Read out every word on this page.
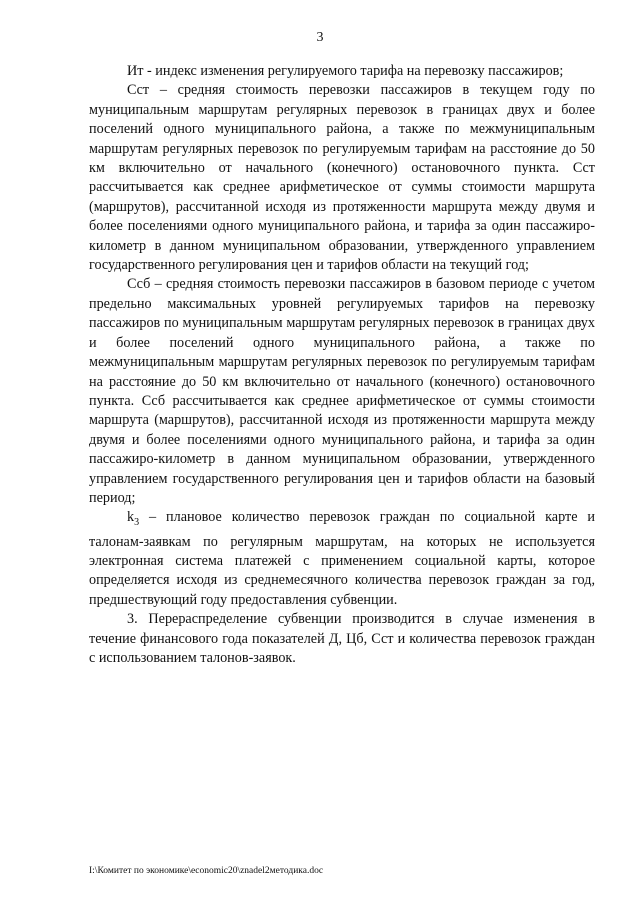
3

Ит - индекс изменения регулируемого тарифа на перевозку пассажиров;

Сст – средняя стоимость перевозки пассажиров в текущем году по муниципальным маршрутам регулярных перевозок в границах двух и более поселений одного муниципального района, а также по межмуниципальным маршрутам регулярных перевозок по регулируемым тарифам на расстояние до 50 км включительно от начального (конечного) остановочного пункта. Сст рассчитывается как среднее арифметическое от суммы стоимости маршрута (маршрутов), рассчитанной исходя из протяженности маршрута между двумя и более поселениями одного муниципального района, и тарифа за один пассажиро-километр в данном муниципальном образовании, утвержденного управлением государственного регулирования цен и тарифов области на текущий год;

Ссб – средняя стоимость перевозки пассажиров в базовом периоде с учетом предельно максимальных уровней регулируемых тарифов на перевозку пассажиров по муниципальным маршрутам регулярных перевозок в границах двух и более поселений одного муниципального района, а также по межмуниципальным маршрутам регулярных перевозок по регулируемым тарифам на расстояние до 50 км включительно от начального (конечного) остановочного пункта. Ссб рассчитывается как среднее арифметическое от суммы стоимости маршрута (маршрутов), рассчитанной исходя из протяженности маршрута между двумя и более поселениями одного муниципального района, и тарифа за один пассажиро-километр в данном муниципальном образовании, утвержденного управлением государственного регулирования цен и тарифов области на базовый период;

$k_3$ – плановое количество перевозок граждан по социальной карте и талонам-заявкам по регулярным маршрутам, на которых не используется электронная система платежей с применением социальной карты, которое определяется исходя из среднемесячного количества перевозок граждан за год, предшествующий году предоставления субвенции.

3. Перераспределение субвенции производится в случае изменения в течение финансового года показателей Д, Цб, Сст и количества перевозок граждан с использованием талонов-заявок.

I:\Комитет по экономике\economic20\znadel2методика.doc
